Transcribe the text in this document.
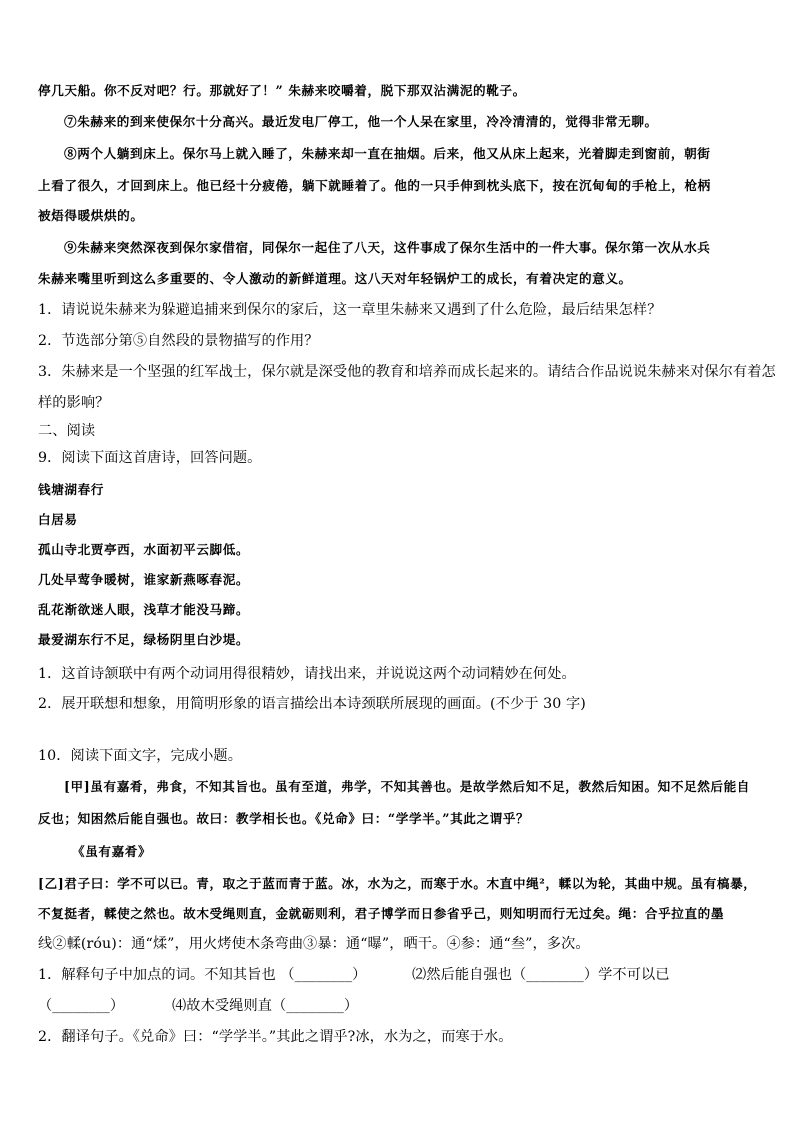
停几天船。你不反对吧？行。那就好了！” 朱赫来咬嚼着，脱下那双沾满泥的靴子。
⑦朱赫来的到来使保尔十分高兴。最近发电厂停工，他一个人呆在家里，冷冷清清的，觉得非常无聊。
⑧两个人躺到床上。保尔马上就入睡了，朱赫来却一直在抽烟。后来，他又从床上起来，光着脚走到窗前，朝街
上看了很久，才回到床上。他已经十分疲倦，躺下就睡着了。他的一只手伸到枕头底下，按在沉甸甸的手枪上，枪柄
被焐得暖烘烘的。
⑨朱赫来突然深夜到保尔家借宿，同保尔一起住了八天，这件事成了保尔生活中的一件大事。保尔第一次从水兵
朱赫来嘴里听到这么多重要的、令人激动的新鲜道理。这八天对年轻锅炉工的成长，有着决定的意义。
1．请说说朱赫来为躲避追捕来到保尔的家后，这一章里朱赫来又遇到了什么危险，最后结果怎样？
2．节选部分第⑤自然段的景物描写的作用？
3．朱赫来是一个坚强的红军战士，保尔就是深受他的教育和培养而成长起来的。请结合作品说说朱赫来对保尔有着怎
样的影响？
二、阅读
9．阅读下面这首唐诗，回答问题。
钱塘湖春行
白居易
孤山寺北贾亭西，水面初平云脚低。
几处早莺争暖树，谁家新燕啄春泥。
乱花渐欲迷人眼，浅草才能没马蹄。
最爱湖东行不足，绿杨阴里白沙堤。
1．这首诗颔联中有两个动词用得很精妙，请找出来，并说说这两个动词精妙在何处。
2．展开联想和想象，用简明形象的语言描绘出本诗颈联所展现的画面。(不少于 30 字)
10．阅读下面文字，完成小题。
[甲]虽有嘉肴，弗食，不知其旨也。虽有至道，弗学，不知其善也。是故学然后知不足，教然后知困。知不足然后能自
反也；知困然后能自强也。故曰：教学相长也。《兑命》曰：“学学半。”其此之谓乎？
《虽有嘉肴》
[乙]君子曰：学不可以已。青，取之于蓝而青于蓝。冰，水为之，而寒于水。木直中绳²，輮以为轮，其曲中规。虽有槁暴，
不复挺者，輮使之然也。故木受绳则直，金就砺则利，君子博学而日参省乎己，则知明而行无过矣。绳：合乎拉直的墨
线②輮(róu)：通“煣”，用火烤使木条弯曲③暴：通“曝”，晒干。④参：通“叁”，多次。
1．解释句子中加点的词。不知其旨也 （________）	⑵然后能自强也（________）学不可以已
（________）	⑷故木受绳则直（________）
2．翻译句子。《兑命》曰：“学学半。”其此之谓乎?冰，水为之，而寒于水。
